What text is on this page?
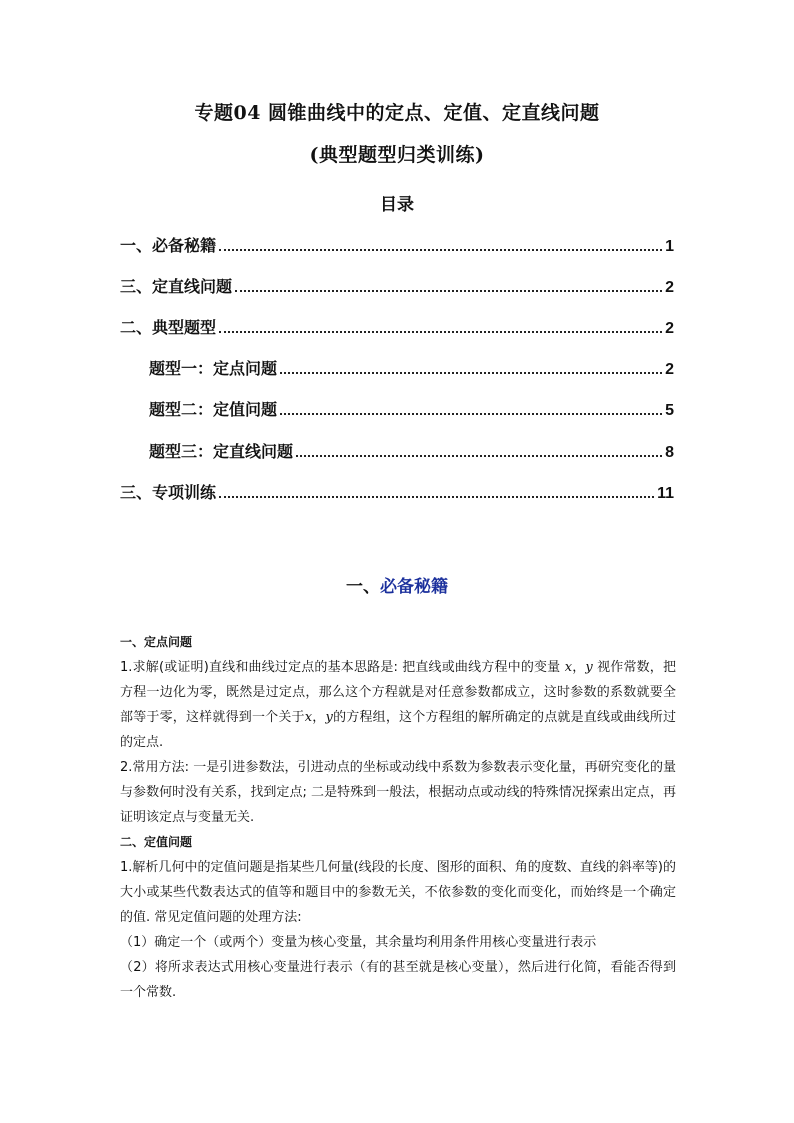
专题04 圆锥曲线中的定点、定值、定直线问题
(典型题型归类训练)
目录
一、必备秘籍	1
三、定直线问题	2
二、典型题型	2
题型一：定点问题	2
题型二：定值问题	5
题型三：定直线问题	8
三、专项训练	11
一、必备秘籍

一、定点问题

1.求解(或证明)直线和曲线过定点的基本思路是: 把直线或曲线方程中的变量 x，y 视作常数，把方程一边化为零，既然是过定点，那么这个方程就是对任意参数都成立，这时参数的系数就要全部等于零，这样就得到一个关于x，y的方程组，这个方程组的解所确定的点就是直线或曲线所过的定点.

2.常用方法: 一是引进参数法，引进动点的坐标或动线中系数为参数表示变化量，再研究变化的量与参数何时没有关系，找到定点; 二是特殊到一般法，根据动点或动线的特殊情况探索出定点，再证明该定点与变量无关.

二、定值问题

1.解析几何中的定值问题是指某些几何量(线段的长度、图形的面积、角的度数、直线的斜率等)的大小或某些代数表达式的值等和题目中的参数无关，不依参数的变化而变化，而始终是一个确定的值. 常见定值问题的处理方法:

（1）确定一个（或两个）变量为核心变量，其余量均利用条件用核心变量进行表示

（2）将所求表达式用核心变量进行表示（有的甚至就是核心变量），然后进行化简，看能否得到一个常数.
